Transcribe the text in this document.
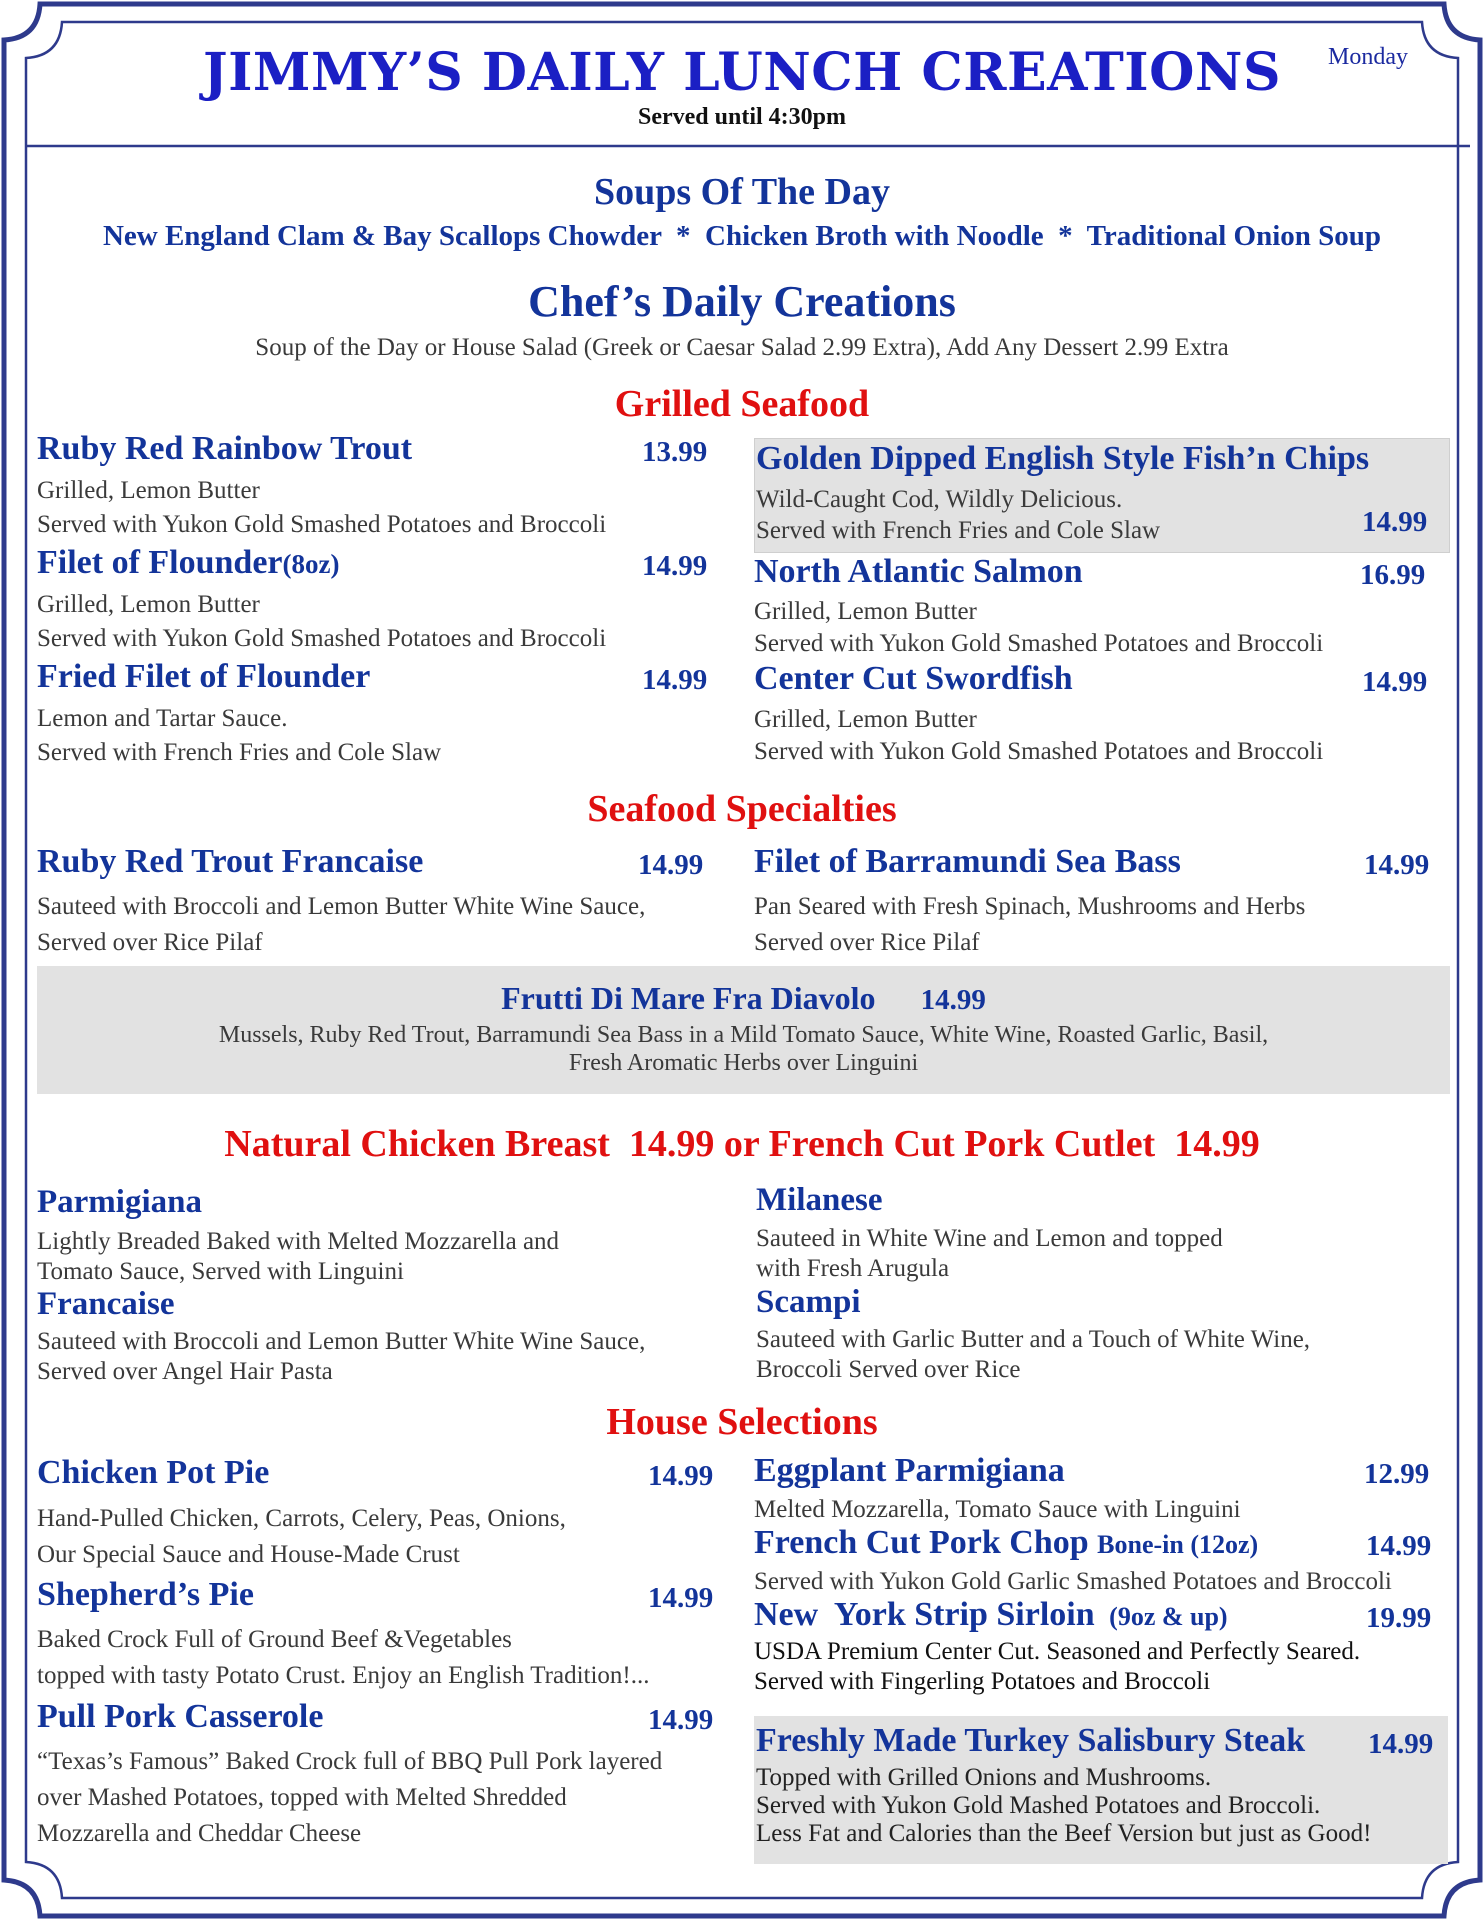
JIMMY’S DAILY LUNCH CREATIONS
Served until 4:30pm
Monday
Soups Of The Day
New England Clam & Bay Scallops Chowder  *  Chicken Broth with Noodle  *  Traditional Onion Soup
Chef’s Daily Creations
Soup of the Day or House Salad (Greek or Caesar Salad 2.99 Extra), Add Any Dessert 2.99 Extra
Grilled Seafood
Ruby Red Rainbow Trout	13.99
Grilled, Lemon Butter
Served with Yukon Gold Smashed Potatoes and Broccoli
Filet of Flounder(8oz)	14.99
Grilled, Lemon Butter
Served with Yukon Gold Smashed Potatoes and Broccoli
Fried Filet of Flounder	14.99
Lemon and Tartar Sauce.
Served with French Fries and Cole Slaw
Golden Dipped English Style Fish’n Chips
Wild-Caught Cod, Wildly Delicious.
Served with French Fries and Cole Slaw	14.99
North Atlantic Salmon	16.99
Grilled, Lemon Butter
Served with Yukon Gold Smashed Potatoes and Broccoli
Center Cut Swordfish	14.99
Grilled, Lemon Butter
Served with Yukon Gold Smashed Potatoes and Broccoli
Seafood Specialties
Ruby Red Trout Francaise	14.99
Sauteed with Broccoli and Lemon Butter White Wine Sauce,
Served over Rice Pilaf
Filet of Barramundi Sea Bass	14.99
Pan Seared with Fresh Spinach, Mushrooms and Herbs
Served over Rice Pilaf
Frutti Di Mare Fra Diavolo 14.99
Mussels, Ruby Red Trout, Barramundi Sea Bass in a Mild Tomato Sauce, White Wine, Roasted Garlic, Basil,
Fresh Aromatic Herbs over Linguini
Natural Chicken Breast  14.99 or French Cut Pork Cutlet  14.99
Parmigiana
Lightly Breaded Baked with Melted Mozzarella and
Tomato Sauce, Served with Linguini
Francaise
Sauteed with Broccoli and Lemon Butter White Wine Sauce,
Served over Angel Hair Pasta
Milanese
Sauteed in White Wine and Lemon and topped
with Fresh Arugula
Scampi
Sauteed with Garlic Butter and a Touch of White Wine,
Broccoli Served over Rice
House Selections
Chicken Pot Pie	14.99
Hand-Pulled Chicken, Carrots, Celery, Peas, Onions,
Our Special Sauce and House-Made Crust
Shepherd’s Pie	14.99
Baked Crock Full of Ground Beef &Vegetables
topped with tasty Potato Crust. Enjoy an English Tradition!...
Pull Pork Casserole	14.99
“Texas’s Famous” Baked Crock full of BBQ Pull Pork layered
over Mashed Potatoes, topped with Melted Shredded
Mozzarella and Cheddar Cheese
Eggplant Parmigiana	12.99
Melted Mozzarella, Tomato Sauce with Linguini
French Cut Pork Chop Bone-in (12oz)	14.99
Served with Yukon Gold Garlic Smashed Potatoes and Broccoli
New  York Strip Sirloin (9oz & up)	19.99
USDA Premium Center Cut. Seasoned and Perfectly Seared.
Served with Fingerling Potatoes and Broccoli
Freshly Made Turkey Salisbury Steak 14.99
Topped with Grilled Onions and Mushrooms.
Served with Yukon Gold Mashed Potatoes and Broccoli.
Less Fat and Calories than the Beef Version but just as Good!
